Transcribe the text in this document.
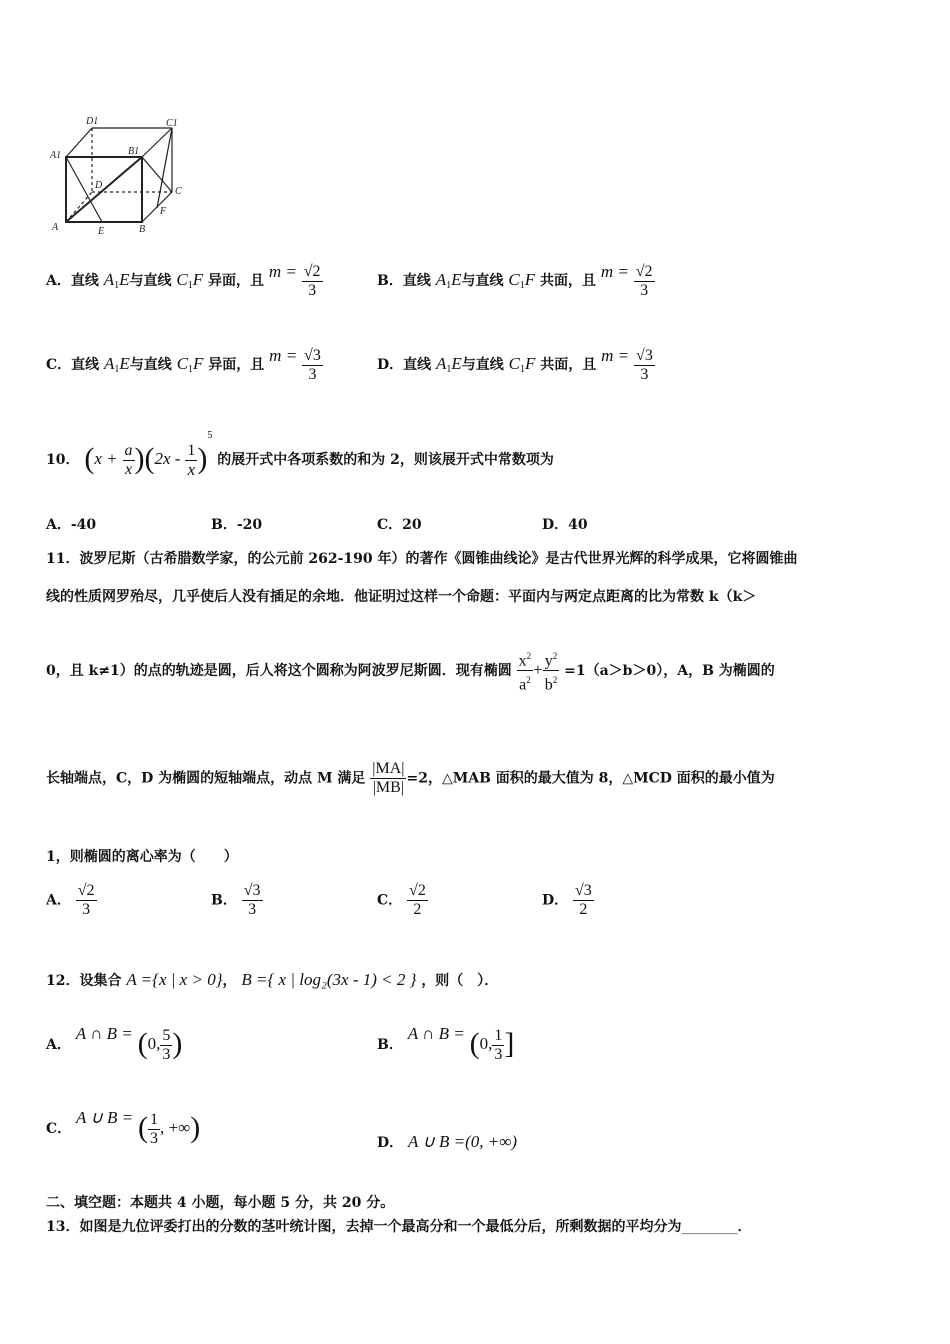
D1	C1
A1	B1
D
C
A	E	B
F
A．直线 $A_1E$与直线 $C_1F$ 异面，且 $m = \frac{√2}{3}$	B．直线 $A_1E$与直线 $C_1F$ 共面，且 $m = \frac{√2}{3}$
C．直线 $A_1E$与直线 $C_1F$ 异面，且 $m = \frac{√3}{3}$	D．直线 $A_1E$与直线 $C_1F$ 共面，且 $m = \frac{√3}{3}$
10． $(x + \frac{a}{x} )(2x - \frac{1}{x} )^5$ 的展开式中各项系数的和为 2，则该展开式中常数项为
A．-40	B．-20	C．20	D．40
11．波罗尼斯（古希腊数学家，的公元前 262-190 年）的著作《圆锥曲线论》是古代世界光辉的科学成果，它将圆锥曲
线的性质网罗殆尽，几乎使后人没有插足的余地．他证明过这样一个命题：平面内与两定点距离的比为常数 k（k＞
0，且 k≠1）的点的轨迹是圆，后人将这个圆称为阿波罗尼斯圆．现有椭圆 $\frac{x^2}{a^2} + \frac{y^2}{b^2} =1(a>b>0)$，A，B 为椭圆的
长轴端点，C，D 为椭圆的短轴端点，动点 M 满足 $\frac{|MA|}{|MB|} =2$，△MAB 面积的最大值为 8，△MCD 面积的最小值为
1，则椭圆的离心率为（　　）
A． $\frac{√2}{3}$	B． $\frac{√3}{3}$	C． $\frac{√2}{2}$	D． $\frac{√3}{2}$
12．设集合 A ={x | x > 0}， B ={ x | log₂(3x - 1) < 2 } ，则（　）．
A． A ∩ B = (0, $\frac{5}{3}$ )	B． A ∩ B = (0, $\frac{1}{3}$ ]
C． A ∪ B = ( $\frac{1}{3}$ , +∞)	D． A ∪ B =(0, +∞)
二、填空题：本题共 4 小题，每小题 5 分，共 20 分。
13．如图是九位评委打出的分数的茎叶统计图，去掉一个最高分和一个最低分后，所剩数据的平均分为________．
